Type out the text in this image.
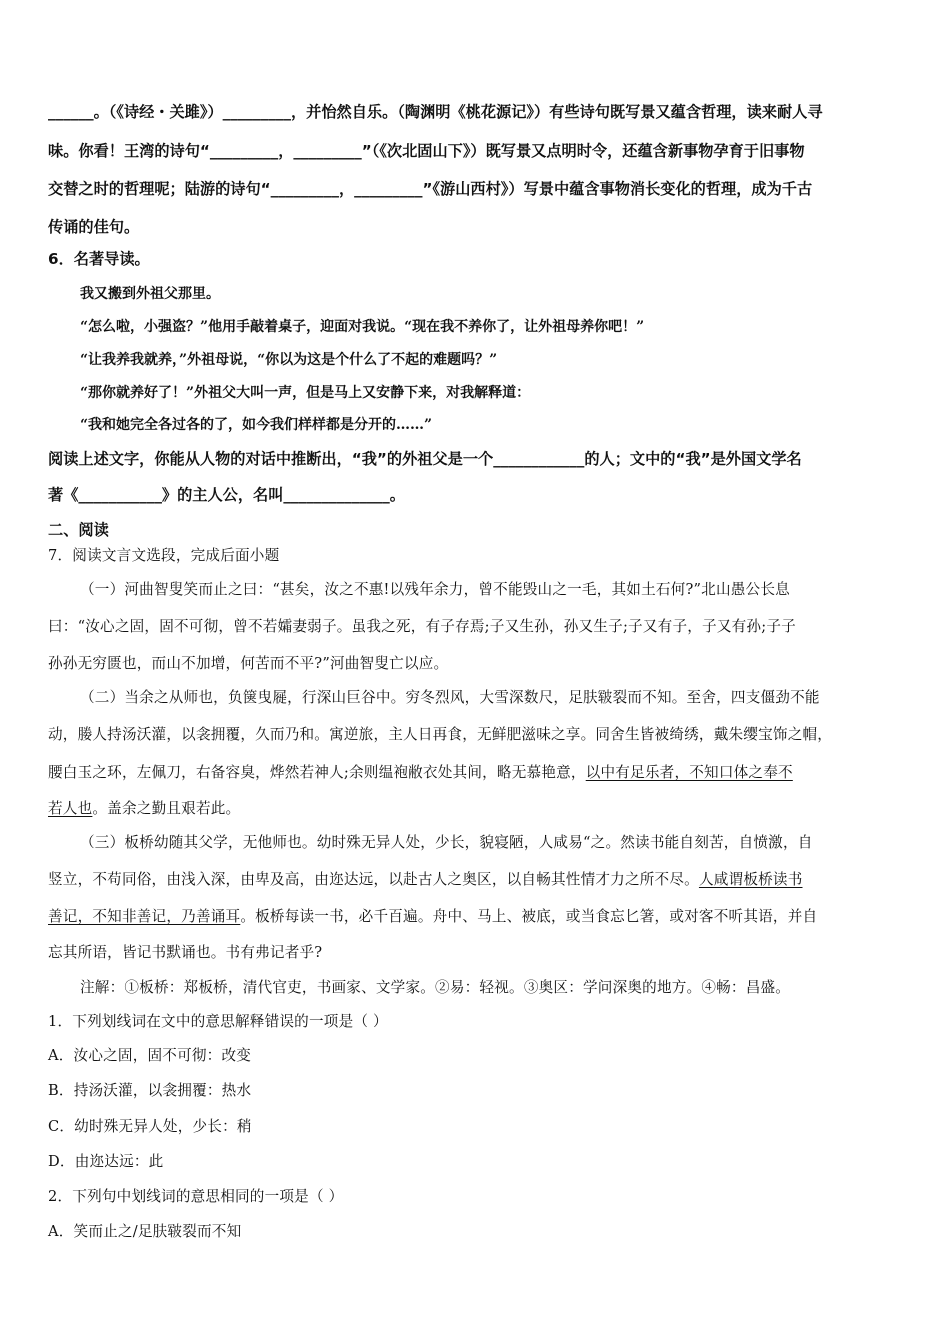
______。（《诗经・关雎》）_________，并怡然自乐。（陶渊明《桃花源记》）有些诗句既写景又蕴含哲理，读来耐人寻
味。你看！王湾的诗句“_________，_________”（《次北固山下》）既写景又点明时令，还蕴含新事物孕育于旧事物
交替之时的哲理呢；陆游的诗句“_________，_________”《游山西村》）写景中蕴含事物消长变化的哲理，成为千古
传诵的佳句。
6．名著导读。
我又搬到外祖父那里。
“怎么啦，小强盗？”他用手敲着桌子，迎面对我说。“现在我不养你了，让外祖母养你吧！”
“让我养我就养，”外祖母说，“你以为这是个什么了不起的难题吗？”
“那你就养好了！”外祖父大叫一声，但是马上又安静下来，对我解释道：
“我和她完全各过各的了，如今我们样样都是分开的……”
阅读上述文字，你能从人物的对话中推断出，“我”的外祖父是一个____________的人；文中的“我”是外国文学名
著《___________》的主人公，名叫______________。
二、阅读
7．阅读文言文选段，完成后面小题
（一）河曲智叟笑而止之曰：“甚矣，汝之不惠!以残年余力，曾不能毁山之一毛，其如土石何?”北山愚公长息
曰：“汝心之固，固不可彻，曾不若孀妻弱子。虽我之死，有子存焉;子又生孙，孙又生子;子又有子，子又有孙;子子
孙孙无穷匮也，而山不加增，何苦而不平?”河曲智叟亡以应。
（二）当余之从师也，负箧曳屣，行深山巨谷中。穷冬烈风，大雪深数尺，足肤皲裂而不知。至舍，四支僵劲不能
动，媵人持汤沃灌，以衾拥覆，久而乃和。寓逆旅，主人日再食，无鲜肥滋味之享。同舍生皆被绮绣，戴朱缨宝饰之帽，
腰白玉之环，左佩刀，右备容臭，烨然若神人;余则缊袍敝衣处其间，略无慕艳意，以中有足乐者，不知口体之奉不
若人也。盖余之勤且艰若此。
（三）板桥幼随其父学，无他师也。幼时殊无异人处，少长，貌寝陋，人咸易“之。然读书能自刻苦，自愤激，自
竖立，不苟同俗，由浅入深，由卑及高，由迩达远，以赴古人之奥区，以自畅其性情才力之所不尽。人咸谓板桥读书
善记，不知非善记，乃善诵耳。板桥每读一书，必千百遍。舟中、马上、被底，或当食忘匕箸，或对客不听其语，并自
忘其所语，皆记书默诵也。书有弗记者乎?
注解：①板桥：郑板桥，清代官吏，书画家、文学家。②易：轻视。③奥区：学问深奥的地方。④畅：昌盛。
1．下列划线词在文中的意思解释错误的一项是（ ）
A．汝心之固，固不可彻：改变
B．持汤沃灌，以衾拥覆：热水
C．幼时殊无异人处，少长：稍
D．由迩达远：此
2．下列句中划线词的意思相同的一项是（ ）
A．笑而止之/足肤皲裂而不知
